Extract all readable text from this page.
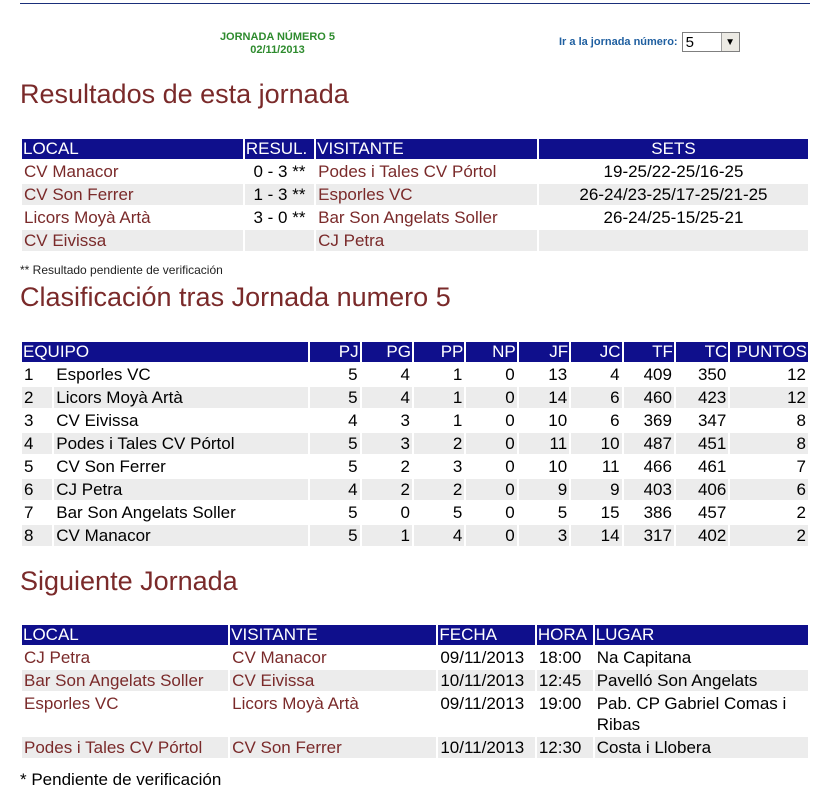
JORNADA NÚMERO 5
02/11/2013
Ir a la jornada número: 5	▼
Resultados de esta jornada
LOCAL	RESUL.	VISITANTE	SETS
CV Manacor	0 - 3 **	Podes i Tales CV Pórtol	19-25/22-25/16-25
CV Son Ferrer	1 - 3 **	Esporles VC	26-24/23-25/17-25/21-25
Licors Moyà Artà	3 - 0 **	Bar Son Angelats Soller	26-24/25-15/25-21
CV Eivissa		CJ Petra	
** Resultado pendiente de verificación
Clasificación tras Jornada numero 5
EQUIPO		PJ	PG	PP	NP	JF	JC	TF	TC	PUNTOS
1	Esporles VC	5	4	1	0	13	4	409	350	12
2	Licors Moyà Artà	5	4	1	0	14	6	460	423	12
3	CV Eivissa	4	3	1	0	10	6	369	347	8
4	Podes i Tales CV Pórtol	5	3	2	0	11	10	487	451	8
5	CV Son Ferrer	5	2	3	0	10	11	466	461	7
6	CJ Petra	4	2	2	0	9	9	403	406	6
7	Bar Son Angelats Soller	5	0	5	0	5	15	386	457	2
8	CV Manacor	5	1	4	0	3	14	317	402	2
Siguiente Jornada
LOCAL	VISITANTE	FECHA	HORA	LUGAR
CJ Petra	CV Manacor	09/11/2013	18:00	Na Capitana
Bar Son Angelats Soller	CV Eivissa	10/11/2013	12:45	Pavelló Son Angelats
Esporles VC	Licors Moyà Artà	09/11/2013	19:00	Pab. CP Gabriel Comas i Ribas
Podes i Tales CV Pórtol	CV Son Ferrer	10/11/2013	12:30	Costa i Llobera
* Pendiente de verificación
